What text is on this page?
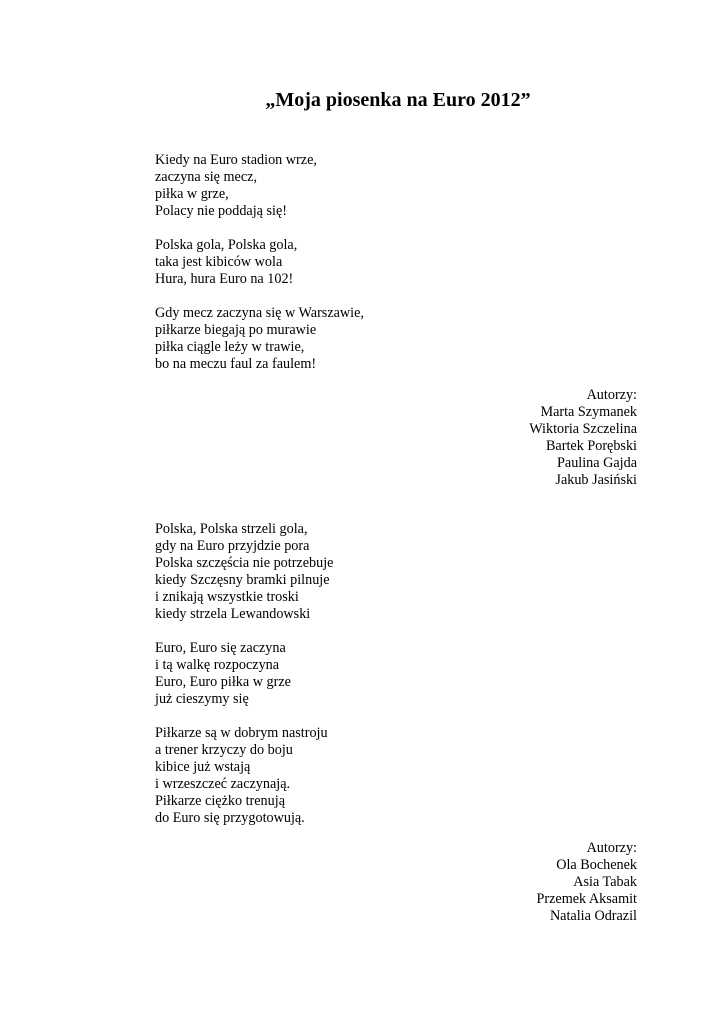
„Moja piosenka na Euro 2012”
Kiedy na Euro stadion wrze,
zaczyna się mecz,
piłka w grze,
Polacy nie poddają się!
Polska gola, Polska gola,
taka jest kibiców wola
Hura, hura Euro na 102!
Gdy mecz zaczyna się w Warszawie,
piłkarze biegają po murawie
piłka ciągle leży w trawie,
bo na meczu faul za faulem!
Autorzy:
Marta Szymanek
Wiktoria Szczelina
Bartek Porębski
Paulina Gajda
Jakub Jasiński
Polska, Polska strzeli gola,
gdy na Euro przyjdzie pora
Polska szczęścia nie potrzebuje
kiedy Szczęsny bramki pilnuje
i znikają wszystkie troski
kiedy strzela Lewandowski
Euro, Euro się zaczyna
i tą walkę rozpoczyna
Euro, Euro piłka w grze
już cieszymy się
Piłkarze są w dobrym nastroju
a trener krzyczy do boju
kibice już wstają
i wrzeszczeć zaczynają.
Piłkarze ciężko trenują
do Euro się przygotowują.
Autorzy:
Ola Bochenek
Asia Tabak
Przemek Aksamit
Natalia Odrazil
